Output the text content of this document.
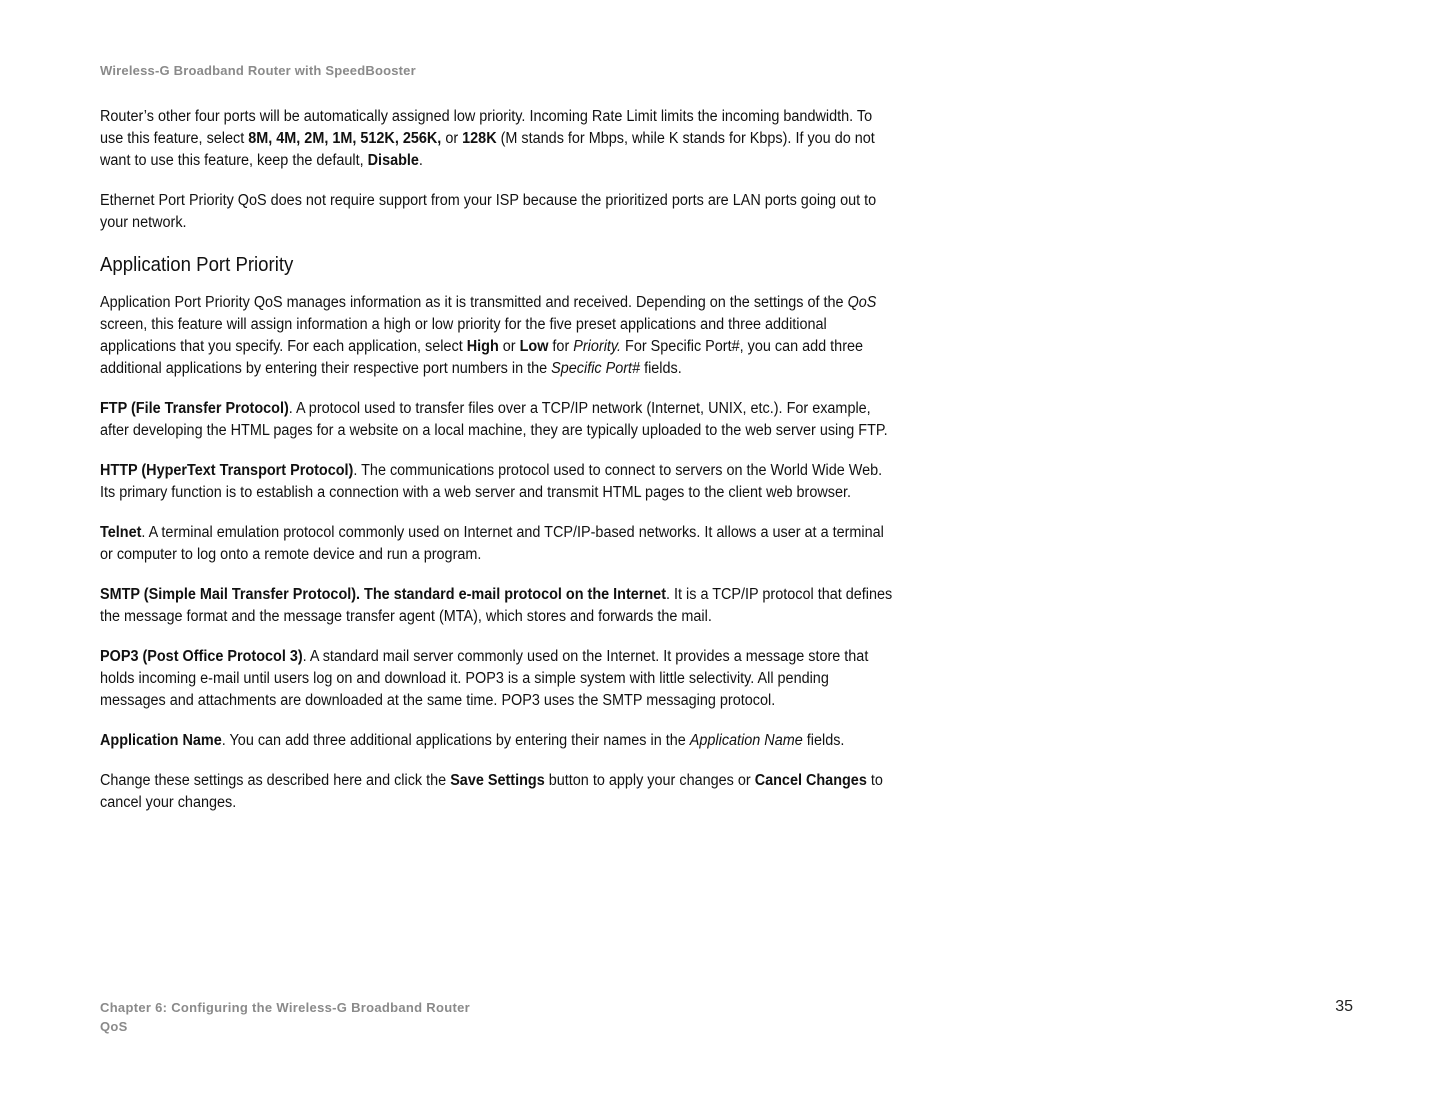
Wireless-G Broadband Router with SpeedBooster

Router’s other four ports will be automatically assigned low priority. Incoming Rate Limit limits the incoming bandwidth. To use this feature, select 8M, 4M, 2M, 1M, 512K, 256K, or 128K (M stands for Mbps, while K stands for Kbps). If you do not want to use this feature, keep the default, Disable.

Ethernet Port Priority QoS does not require support from your ISP because the prioritized ports are LAN ports going out to your network.

Application Port Priority

Application Port Priority QoS manages information as it is transmitted and received. Depending on the settings of the QoS screen, this feature will assign information a high or low priority for the five preset applications and three additional applications that you specify. For each application, select High or Low for Priority. For Specific Port#, you can add three additional applications by entering their respective port numbers in the Specific Port# fields.

FTP (File Transfer Protocol). A protocol used to transfer files over a TCP/IP network (Internet, UNIX, etc.). For example, after developing the HTML pages for a website on a local machine, they are typically uploaded to the web server using FTP.

HTTP (HyperText Transport Protocol). The communications protocol used to connect to servers on the World Wide Web. Its primary function is to establish a connection with a web server and transmit HTML pages to the client web browser.

Telnet. A terminal emulation protocol commonly used on Internet and TCP/IP-based networks. It allows a user at a terminal or computer to log onto a remote device and run a program.

SMTP (Simple Mail Transfer Protocol). The standard e-mail protocol on the Internet. It is a TCP/IP protocol that defines the message format and the message transfer agent (MTA), which stores and forwards the mail.

POP3 (Post Office Protocol 3). A standard mail server commonly used on the Internet. It provides a message store that holds incoming e-mail until users log on and download it. POP3 is a simple system with little selectivity. All pending messages and attachments are downloaded at the same time. POP3 uses the SMTP messaging protocol.

Application Name. You can add three additional applications by entering their names in the Application Name fields.

Change these settings as described here and click the Save Settings button to apply your changes or Cancel Changes to cancel your changes.

Chapter 6: Configuring the Wireless-G Broadband Router
QoS
35
